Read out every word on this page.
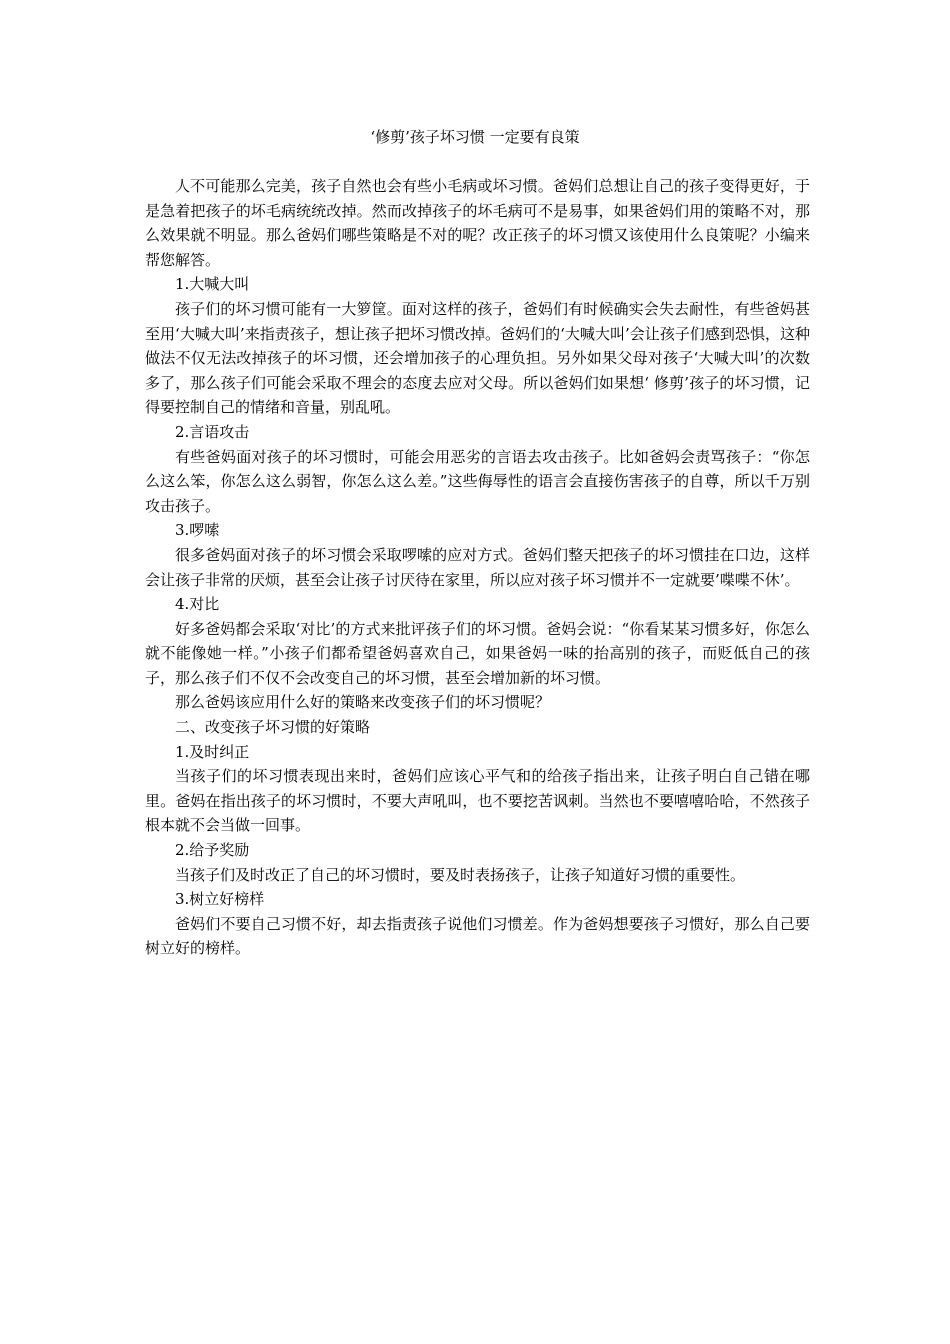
‘修剪’孩子坏习惯 一定要有良策

人不可能那么完美，孩子自然也会有些小毛病或坏习惯。爸妈们总想让自己的孩子变得更好，于是急着把孩子的坏毛病统统改掉。然而改掉孩子的坏毛病可不是易事，如果爸妈们用的策略不对，那么效果就不明显。那么爸妈们哪些策略是不对的呢？改正孩子的坏习惯又该使用什么良策呢？小编来帮您解答。

1.大喊大叫

孩子们的坏习惯可能有一大箩筐。面对这样的孩子，爸妈们有时候确实会失去耐性，有些爸妈甚至用‘大喊大叫’来指责孩子，想让孩子把坏习惯改掉。爸妈们的‘大喊大叫’会让孩子们感到恐惧，这种做法不仅无法改掉孩子的坏习惯，还会增加孩子的心理负担。另外如果父母对孩子‘大喊大叫’的次数多了，那么孩子们可能会采取不理会的态度去应对父母。所以爸妈们如果想‘ 修剪’孩子的坏习惯，记得要控制自己的情绪和音量，别乱吼。

2.言语攻击

有些爸妈面对孩子的坏习惯时，可能会用恶劣的言语去攻击孩子。比如爸妈会责骂孩子：“你怎么这么笨，你怎么这么弱智，你怎么这么差。”这些侮辱性的语言会直接伤害孩子的自尊，所以千万别攻击孩子。

3.啰嗦

很多爸妈面对孩子的坏习惯会采取啰嗦的应对方式。爸妈们整天把孩子的坏习惯挂在口边，这样会让孩子非常的厌烦，甚至会让孩子讨厌待在家里，所以应对孩子坏习惯并不一定就要’喋喋不休’。

4.对比

好多爸妈都会采取‘对比’的方式来批评孩子们的坏习惯。爸妈会说：“你看某某习惯多好，你怎么就不能像她一样。”小孩子们都希望爸妈喜欢自己，如果爸妈一味的抬高别的孩子，而贬低自己的孩子，那么孩子们不仅不会改变自己的坏习惯，甚至会增加新的坏习惯。

那么爸妈该应用什么好的策略来改变孩子们的坏习惯呢？

二、改变孩子坏习惯的好策略

1.及时纠正

当孩子们的坏习惯表现出来时，爸妈们应该心平气和的给孩子指出来，让孩子明白自己错在哪里。爸妈在指出孩子的坏习惯时，不要大声吼叫，也不要挖苦讽刺。当然也不要嘻嘻哈哈，不然孩子根本就不会当做一回事。

2.给予奖励

当孩子们及时改正了自己的坏习惯时，要及时表扬孩子，让孩子知道好习惯的重要性。

3.树立好榜样

爸妈们不要自己习惯不好，却去指责孩子说他们习惯差。作为爸妈想要孩子习惯好，那么自己要树立好的榜样。
